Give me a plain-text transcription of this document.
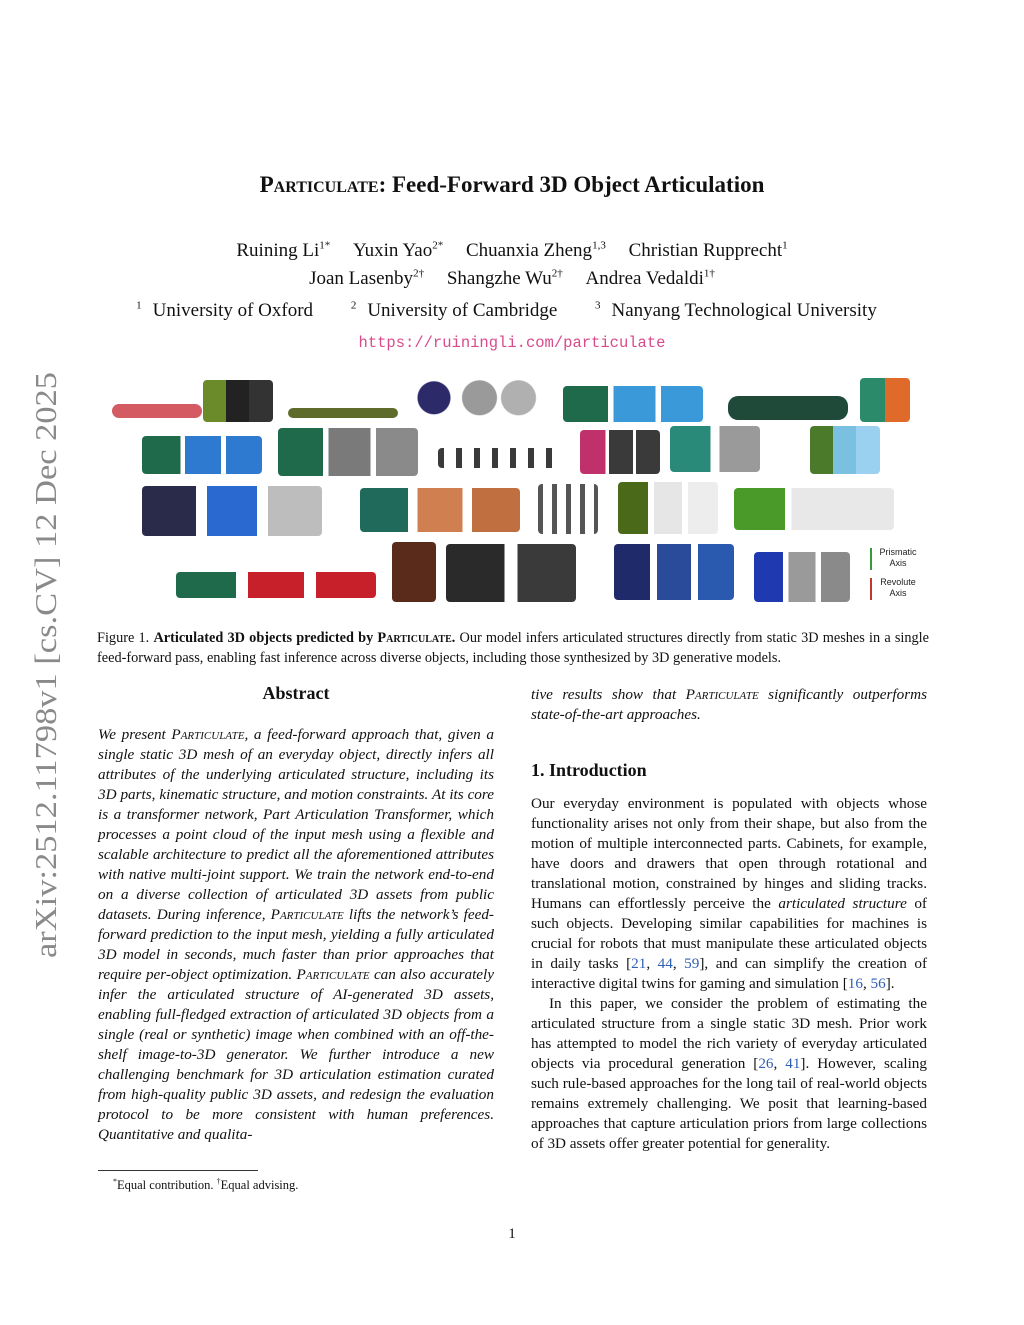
arXiv:2512.11798v1 [cs.CV] 12 Dec 2025
Particulate: Feed-Forward 3D Object Articulation
Ruining $Li^{1*}$ Yuxin Yao$^{2*}$ Chuanxia Zheng$^{1,3}$ Christian Rupprecht$^1$
Joan Lasenby$^{2\dagger}$ Shangzhe $Wu^{2\dagger}$ Andrea Vedaldi$^{1\dagger}$
$^1$ University of Oxford	$^2$ University of Cambridge	$^3$ Nanyang Technological University
https://ruiningli.com/particulate
Prismatic Axis
Revolute Axis
Figure 1. Articulated 3D objects predicted by Particulate. Our model infers articulated structures directly from static 3D meshes in a single feed-forward pass, enabling fast inference across diverse objects, including those synthesized by 3D generative models.
Abstract
We present Particulate, a feed-forward approach that, given a single static 3D mesh of an everyday object, directly infers all attributes of the underlying articulated structure, including its 3D parts, kinematic structure, and motion constraints. At its core is a transformer network, Part Articulation Transformer, which processes a point cloud of the input mesh using a flexible and scalable architecture to predict all the aforementioned attributes with native multi-joint support. We train the network end-to-end on a diverse collection of articulated 3D assets from public datasets. During inference, Particulate lifts the network’s feed-forward prediction to the input mesh, yielding a fully articulated 3D model in seconds, much faster than prior approaches that require per-object optimization. Particulate can also accurately infer the articulated structure of AI-generated 3D assets, enabling full-fledged extraction of articulated 3D objects from a single (real or synthetic) image when combined with an off-the-shelf image-to-3D generator. We further introduce a new challenging benchmark for 3D articulation estimation curated from high-quality public 3D assets, and redesign the evaluation protocol to be more consistent with human preferences. Quantitative and qualita-
*Equal contribution. †Equal advising.
tive results show that Particulate significantly outperforms state-of-the-art approaches.
1. Introduction

Our everyday environment is populated with objects whose functionality arises not only from their shape, but also from the motion of multiple interconnected parts. Cabinets, for example, have doors and drawers that open through rotational and translational motion, constrained by hinges and sliding tracks. Humans can effortlessly perceive the articulated structure of such objects. Developing similar capabilities for machines is crucial for robots that must manipulate these articulated objects in daily tasks [21, 44, 59], and can simplify the creation of interactive digital twins for gaming and simulation [16, 56].

In this paper, we consider the problem of estimating the articulated structure from a single static 3D mesh. Prior work has attempted to model the rich variety of everyday articulated objects via procedural generation [26, 41]. However, scaling such rule-based approaches for the long tail of real-world objects remains extremely challenging. We posit that learning-based approaches that capture articulation priors from large collections of 3D assets offer greater potential for generality.

1
